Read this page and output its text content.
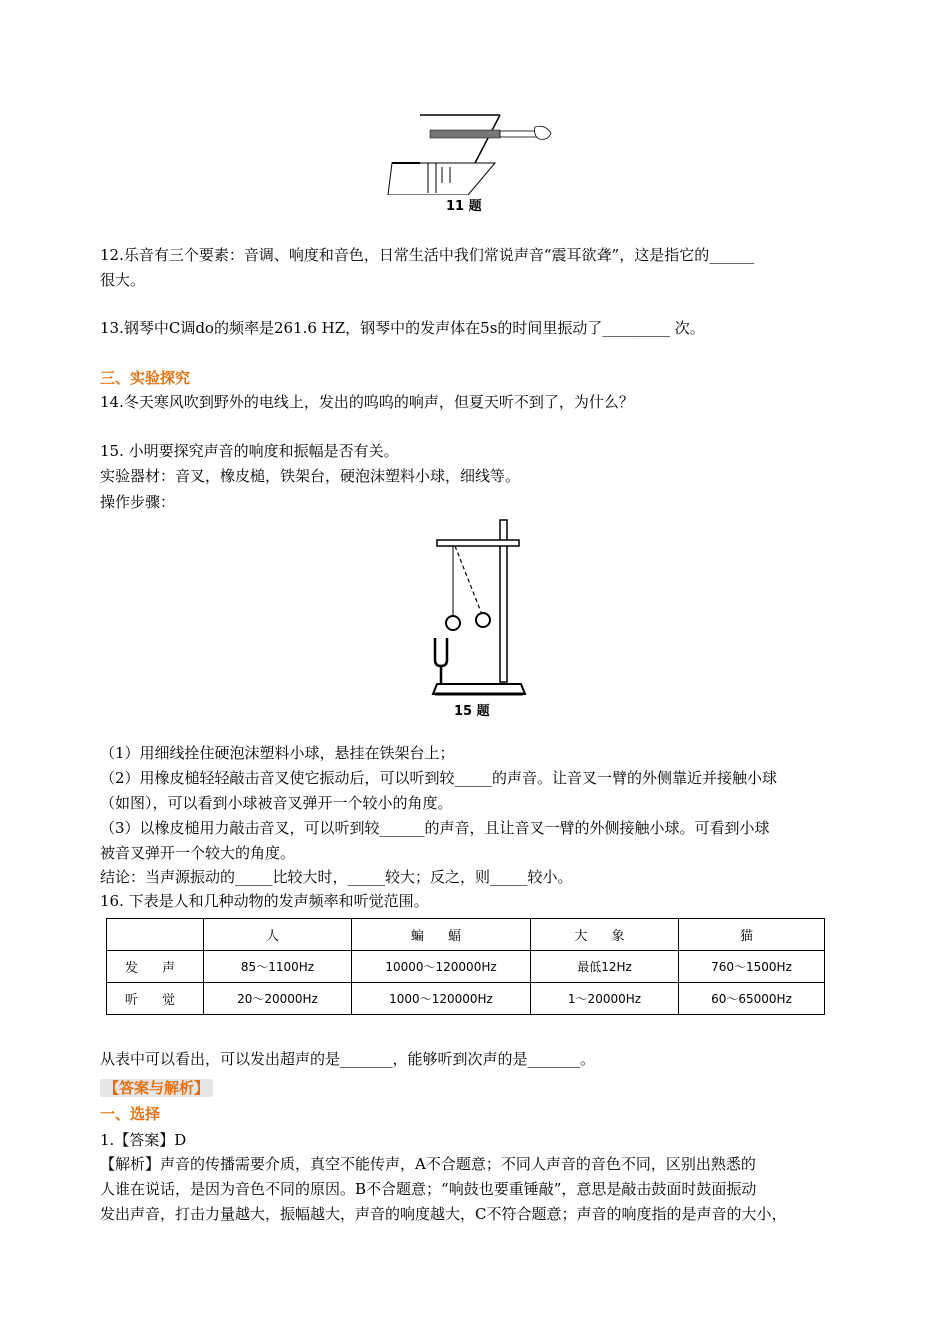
11 题
12.乐音有三个要素：音调、响度和音色，日常生活中我们常说声音“震耳欲聋”，这是指它的______
很大。
13.钢琴中C调do的频率是261.6 HZ，钢琴中的发声体在5s的时间里振动了_________ 次。
三、实验探究
14.冬天寒风吹到野外的电线上，发出的呜呜的响声，但夏天听不到了，为什么？
15. 小明要探究声音的响度和振幅是否有关。
实验器材：音叉，橡皮槌，铁架台，硬泡沫塑料小球，细线等。
操作步骤：
15 题
（1）用细线拴住硬泡沫塑料小球，悬挂在铁架台上；
（2）用橡皮槌轻轻敲击音叉使它振动后，可以听到较_____的声音。让音叉一臂的外侧靠近并接触小球
（如图），可以看到小球被音叉弹开一个较小的角度。
（3）以橡皮槌用力敲击音叉，可以听到较______的声音，且让音叉一臂的外侧接触小球。可看到小球
被音叉弹开一个较大的角度。
结论：当声源振动的_____比较大时，_____较大；反之，则_____较小。
16. 下表是人和几种动物的发声频率和听觉范围。
	人	蝙 蝠	大 象	猫
发 声	85～1100Hz	10000～120000Hz	最低12Hz	760～1500Hz
听 觉	20～20000Hz	1000～120000Hz	1～20000Hz	60～65000Hz
从表中可以看出，可以发出超声的是_______，能够听到次声的是_______。
【答案与解析】
一、选择
1.【答案】D
【解析】声音的传播需要介质，真空不能传声，A不合题意；不同人声音的音色不同，区别出熟悉的
人谁在说话，是因为音色不同的原因。B不合题意；“响鼓也要重锤敲”，意思是敲击鼓面时鼓面振动
发出声音，打击力量越大，振幅越大，声音的响度越大，C不符合题意；声音的响度指的是声音的大小，
